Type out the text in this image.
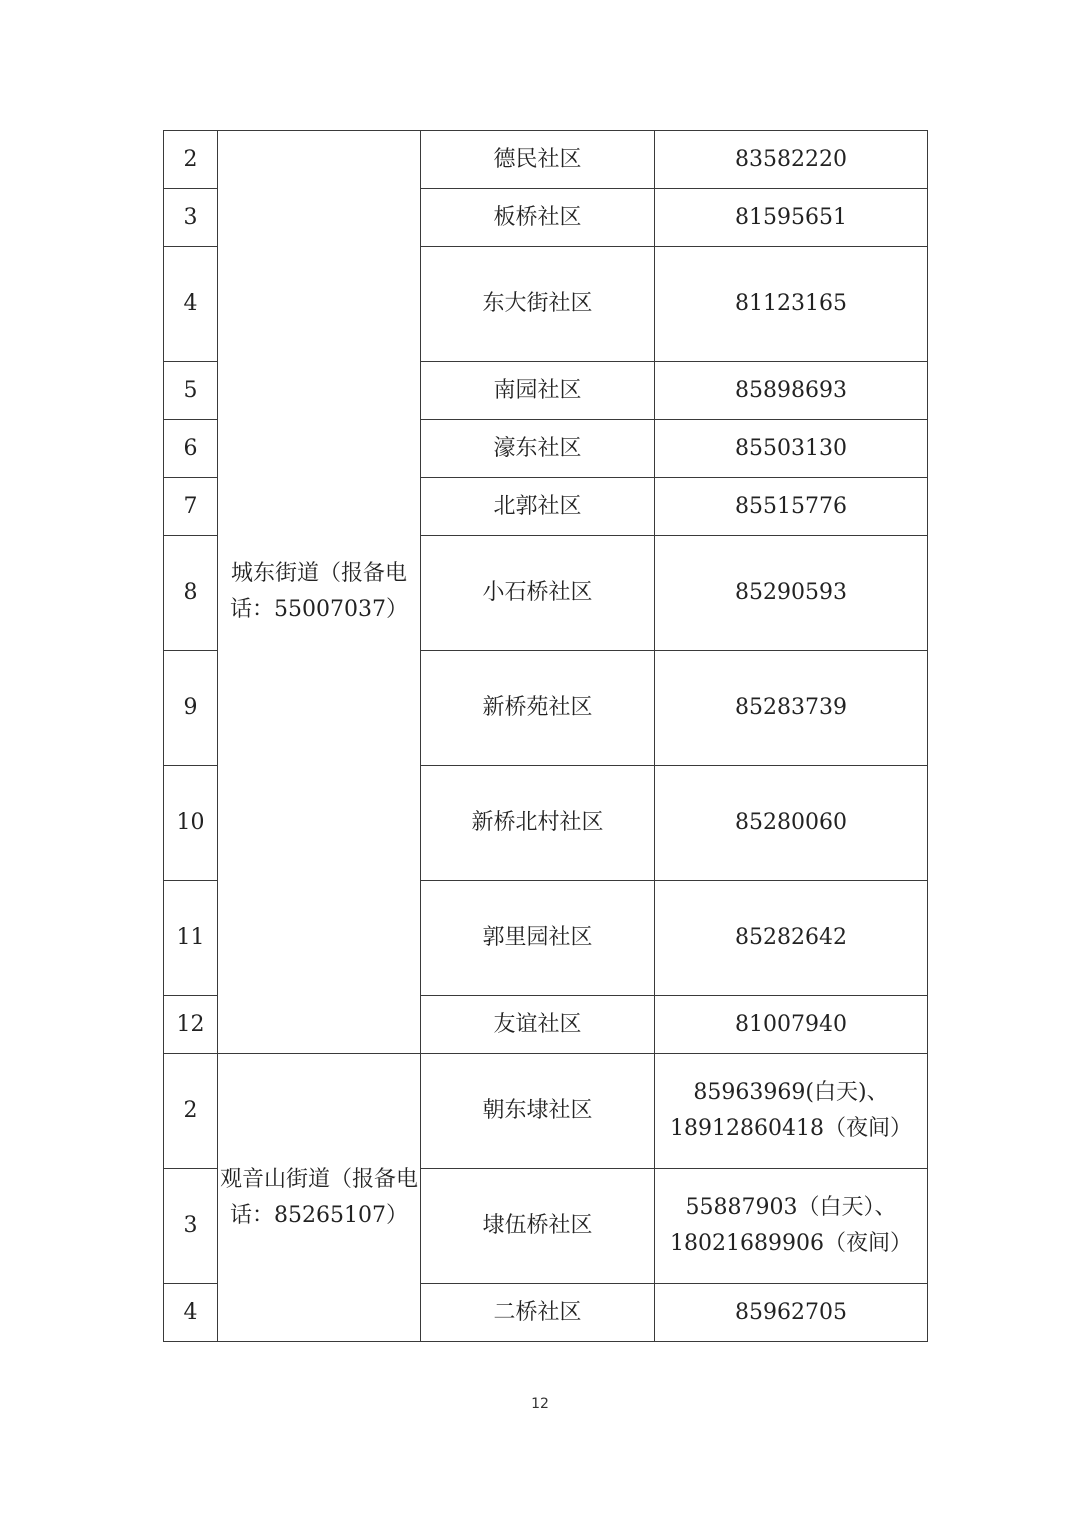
2	城东街道（报备电话：55007037）	德民社区	83582220
3		板桥社区	81595651
4		东大街社区	81123165
5		南园社区	85898693
6		濠东社区	85503130
7		北郭社区	85515776
8		小石桥社区	85290593
9		新桥苑社区	85283739
10		新桥北村社区	85280060
11		郭里园社区	85282642
12		友谊社区	81007940
2	观音山街道（报备电话：85265107）	朝东埭社区	85963969(白天)、
18912860418（夜间）

3		埭伍桥社区	55887903（白天）、
18021689906（夜间）

4		二桥社区	85962705
12
